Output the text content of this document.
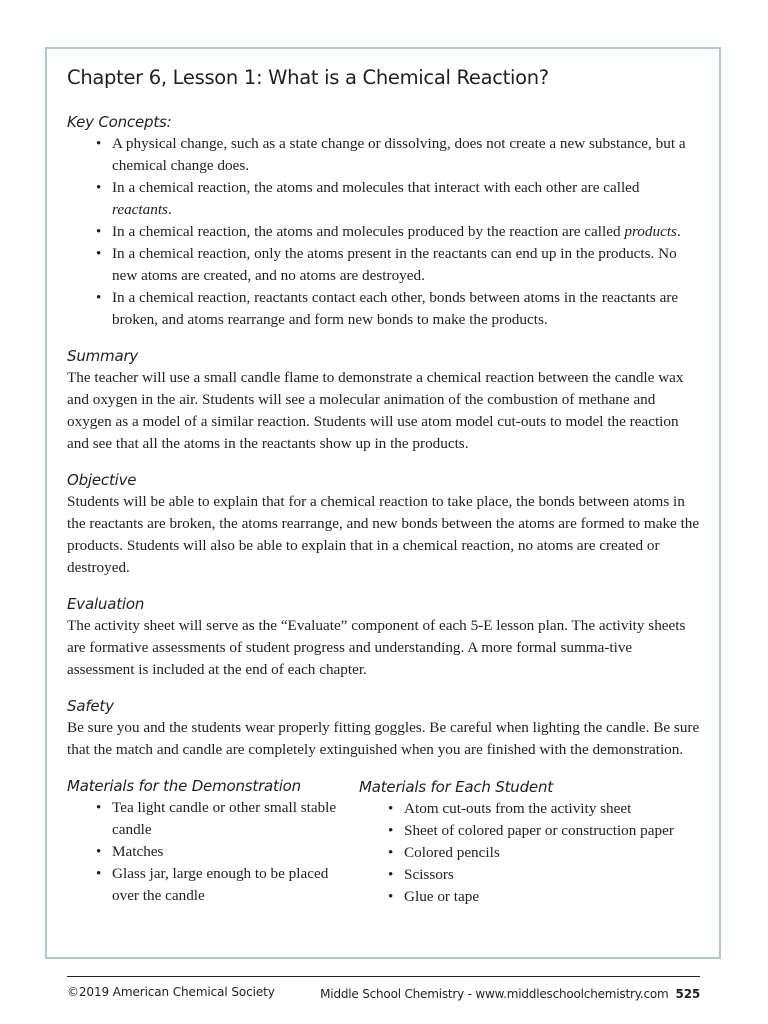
Chapter 6, Lesson 1: What is a Chemical Reaction?
Key Concepts:
• A physical change, such as a state change or dissolving, does not create a new substance, but a chemical change does.
• In a chemical reaction, the atoms and molecules that interact with each other are called reactants.
• In a chemical reaction, the atoms and molecules produced by the reaction are called products.
• In a chemical reaction, only the atoms present in the reactants can end up in the products. No new atoms are created, and no atoms are destroyed.
• In a chemical reaction, reactants contact each other, bonds between atoms in the reactants are broken, and atoms rearrange and form new bonds to make the products.
Summary

The teacher will use a small candle flame to demonstrate a chemical reaction between the candle wax and oxygen in the air. Students will see a molecular animation of the combustion of methane and oxygen as a model of a similar reaction. Students will use atom model cut-outs to model the reaction and see that all the atoms in the reactants show up in the products.

Objective

Students will be able to explain that for a chemical reaction to take place, the bonds between atoms in the reactants are broken, the atoms rearrange, and new bonds between the atoms are formed to make the products. Students will also be able to explain that in a chemical reaction, no atoms are created or destroyed.

Evaluation

The activity sheet will serve as the “Evaluate” component of each 5-E lesson plan. The activity sheets are formative assessments of student progress and understanding. A more formal summa-tive assessment is included at the end of each chapter.

Safety

Be sure you and the students wear properly fitting goggles. Be careful when lighting the candle. Be sure that the match and candle are completely extinguished when you are finished with the demonstration.

Materials for the Demonstration
• Tea light candle or other small stable candle
• Matches
• Glass jar, large enough to be placed over the candle
Materials for Each Student
• Atom cut-outs from the activity sheet
• Sheet of colored paper or construction paper
• Colored pencils
• Scissors
• Glue or tape
©2019 American Chemical Society	Middle School Chemistry - www.middleschoolchemistry.com 525
